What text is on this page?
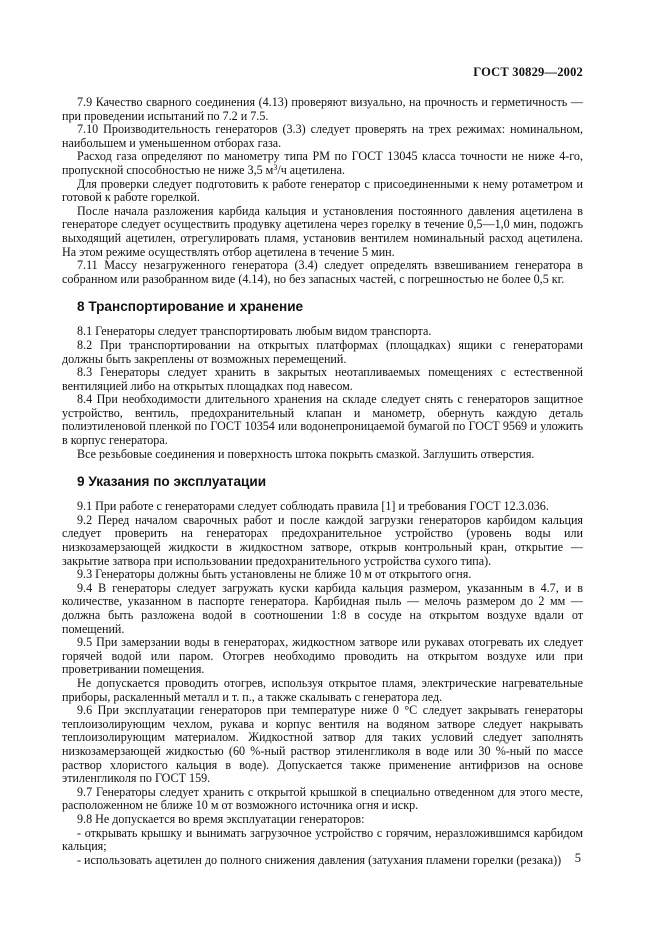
ГОСТ 30829—2002

7.9 Качество сварного соединения (4.13) проверяют визуально, на прочность и герметичность — при проведении испытаний по 7.2 и 7.5.

7.10 Производительность генераторов (3.3) следует проверять на трех режимах: номинальном, наибольшем и уменьшенном отборах газа.

Расход газа определяют по манометру типа РМ по ГОСТ 13045 класса точности не ниже 4-го, пропускной способностью не ниже 3,5 $м^3/ч$ ацетилена.

Для проверки следует подготовить к работе генератор с присоединенными к нему ротаметром и готовой к работе горелкой.

После начала разложения карбида кальция и установления постоянного давления ацетилена в генераторе следует осуществить продувку ацетилена через горелку в течение 0,5—1,0 мин, подожгь выходящий ацетилен, отрегулировать пламя, установив вентилем номинальный расход ацетилена. На этом режиме осуществлять отбор ацетилена в течение 5 мин.

7.11 Массу незагруженного генератора (3.4) следует определять взвешиванием генератора в собранном или разобранном виде (4.14), но без запасных частей, с погрешностью не более 0,5 кг.

8 Транспортирование и хранение

8.1 Генераторы следует транспортировать любым видом транспорта.

8.2 При транспортировании на открытых платформах (площадках) ящики с генераторами должны быть закреплены от возможных перемещений.

8.3 Генераторы следует хранить в закрытых неотапливаемых помещениях с естественной вентиляцией либо на открытых площадках под навесом.

8.4 При необходимости длительного хранения на складе следует снять с генераторов защитное устройство, вентиль, предохранительный клапан и манометр, обернуть каждую деталь полиэтиленовой пленкой по ГОСТ 10354 или водонепроницаемой бумагой по ГОСТ 9569 и уложить в корпус генератора.

Все резьбовые соединения и поверхность штока покрыть смазкой. Заглушить отверстия.

9 Указания по эксплуатации

9.1 При работе с генераторами следует соблюдать правила [1] и требования ГОСТ 12.3.036.

9.2 Перед началом сварочных работ и после каждой загрузки генераторов карбидом кальция следует проверить на генераторах предохранительное устройство (уровень воды или низкозамерзающей жидкости в жидкостном затворе, открыв контрольный кран, открытие — закрытие затвора при использовании предохранительного устройства сухого типа).

9.3 Генераторы должны быть установлены не ближе 10 м от открытого огня.

9.4 В генераторы следует загружать куски карбида кальция размером, указанным в 4.7, и в количестве, указанном в паспорте генератора. Карбидная пыль — мелочь размером до 2 мм — должна быть разложена водой в соотношении 1:8 в сосуде на открытом воздухе вдали от помещений.

9.5 При замерзании воды в генераторах, жидкостном затворе или рукавах отогревать их следует горячей водой или паром. Отогрев необходимо проводить на открытом воздухе или при проветривании помещения.

Не допускается проводить отогрев, используя открытое пламя, электрические нагревательные приборы, раскаленный металл и т. п., а также скалывать с генератора лед.

9.6 При эксплуатации генераторов при температуре ниже 0 °С следует закрывать генераторы теплоизолирующим чехлом, рукава и корпус вентиля на водяном затворе следует накрывать теплоизолирующим материалом. Жидкостной затвор для таких условий следует заполнять низкозамерзающей жидкостью (60 %-ный раствор этиленгликоля в воде или 30 %-ный по массе раствор хлористого кальция в воде). Допускается также применение антифризов на основе этиленгликоля по ГОСТ 159.

9.7 Генераторы следует хранить с открытой крышкой в специально отведенном для этого месте, расположенном не ближе 10 м от возможного источника огня и искр.

9.8 Не допускается во время эксплуатации генераторов:

- открывать крышку и вынимать загрузочное устройство с горячим, неразложившимся карбидом кальция;

- использовать ацетилен до полного снижения давления (затухания пламени горелки (резака))	5
